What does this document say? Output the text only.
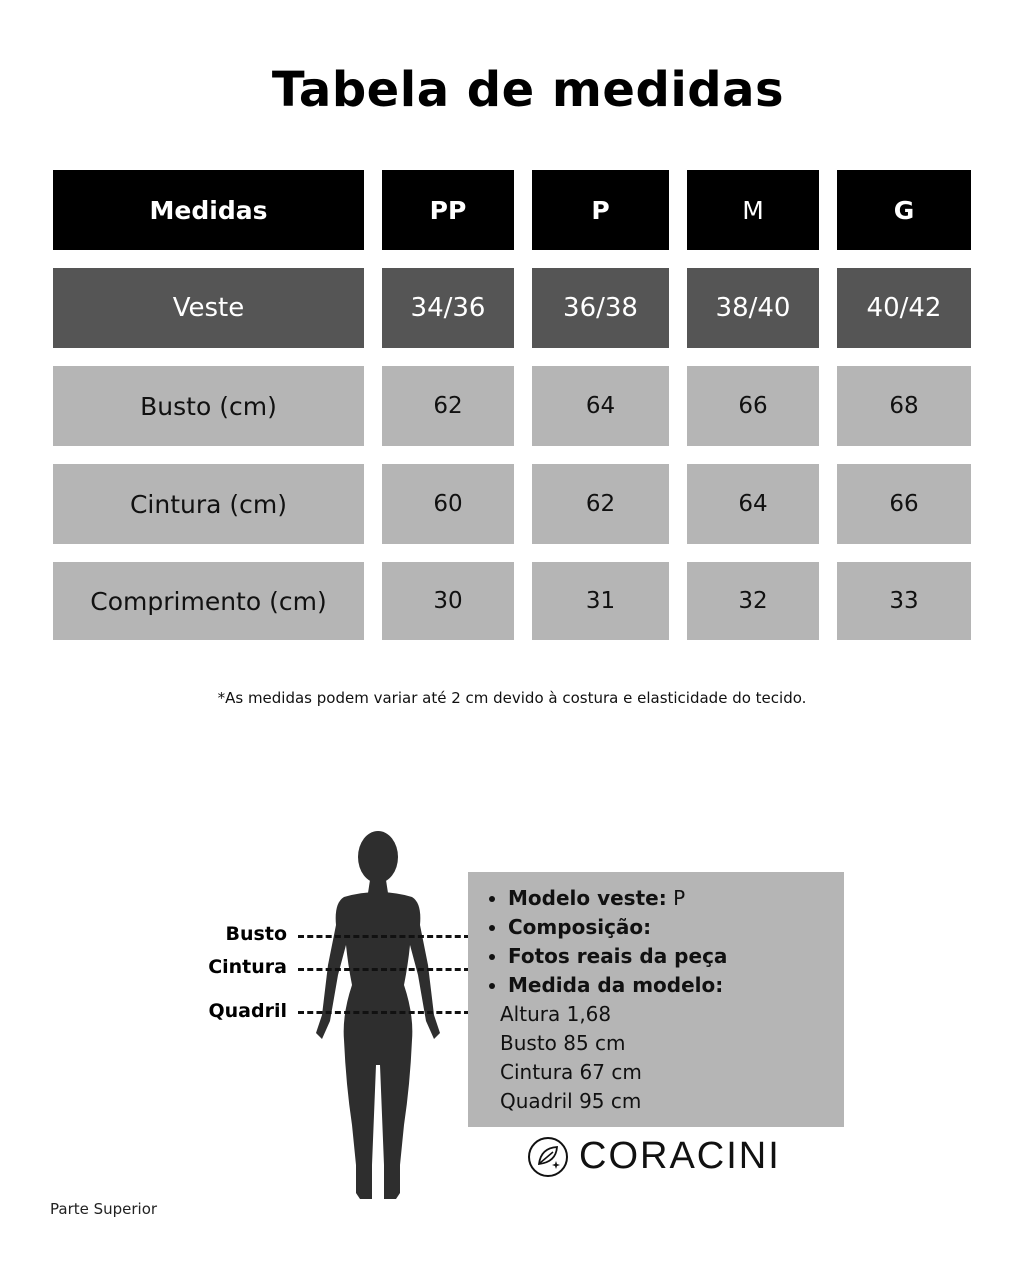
Tabela de medidas
Medidas	PP	P	M	G
Veste	34/36	36/38	38/40	40/42
Busto (cm)	62	64	66	68
Cintura (cm)	60	62	64	66
Comprimento (cm)	30	31	32	33
*As medidas podem variar até 2 cm devido à costura e elasticidade do tecido.
Busto
Cintura
Quadril
• Modelo veste: P
• Composição:
• Fotos reais da peça
• Medida da modelo:
Altura 1,68
Busto 85 cm
Cintura 67 cm
Quadril 95 cm
CORACINI
Parte Superior
